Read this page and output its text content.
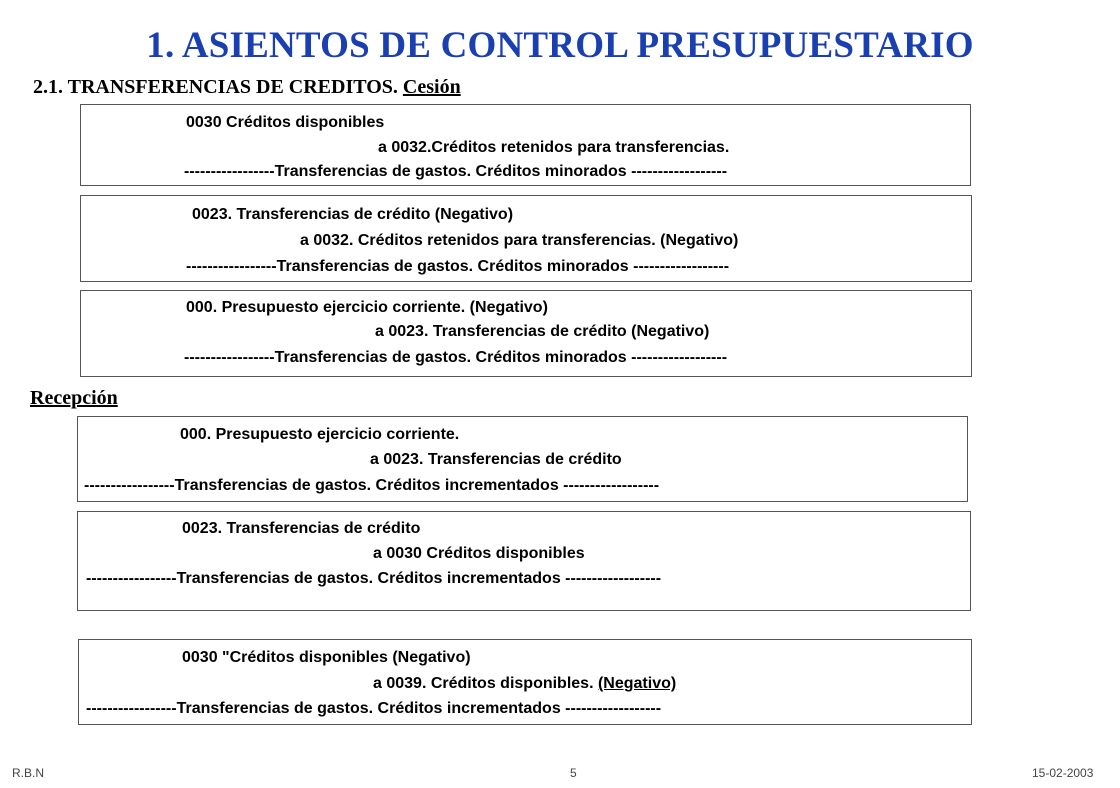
1. ASIENTOS DE CONTROL PRESUPUESTARIO
2.1. TRANSFERENCIAS DE CREDITOS. Cesión
0030 Créditos disponibles
a 0032.Créditos retenidos para transferencias.
-----------------Transferencias de gastos. Créditos minorados ------------------
0023. Transferencias de crédito (Negativo)
a 0032. Créditos retenidos para transferencias. (Negativo)
-----------------Transferencias de gastos. Créditos minorados ------------------
000. Presupuesto ejercicio corriente. (Negativo)
a 0023. Transferencias de crédito (Negativo)
-----------------Transferencias de gastos. Créditos minorados ------------------
Recepción
000. Presupuesto ejercicio corriente.
a 0023. Transferencias de crédito
-----------------Transferencias de gastos. Créditos incrementados ------------------
0023. Transferencias de crédito
a 0030 Créditos disponibles
-----------------Transferencias de gastos. Créditos incrementados ------------------
0030 "Créditos disponibles (Negativo)
a 0039. Créditos disponibles. (Negativo)
-----------------Transferencias de gastos. Créditos incrementados ------------------
R.B.N	5	15-02-2003
